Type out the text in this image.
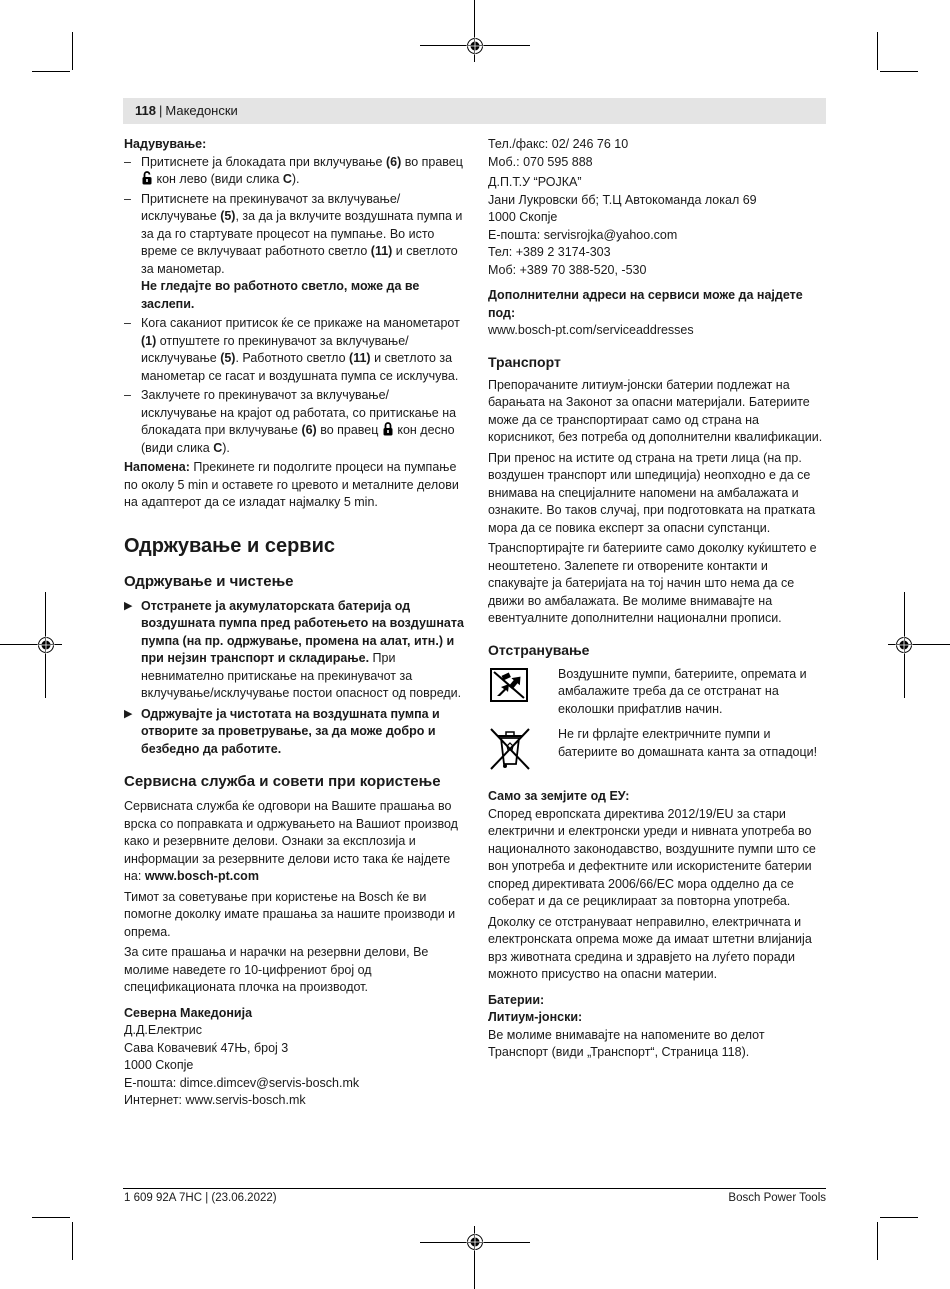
118 | Македонски

Надувување:

– Притиснете ја блокадата при вклучување (6) во правец  кон лево (види слика C).
– Притиснете на прекинувачот за вклучување/исклучување (5), за да ја вклучите воздушната пумпа и за да го стартувате процесот на пумпање. Во исто време се вклучуваат работното светло (11) и светлото за манометар.
Не гледајте во работното светло, може да ве заслепи.
– Кога саканиот притисок ќе се прикаже на манометарот (1) отпуштете го прекинувачот за вклучување/исклучување (5). Работното светло (11) и светлото за манометар се гасат и воздушната пумпа се исклучува.
– Заклучете го прекинувачот за вклучување/исклучување на крајот од работата, со притискање на блокадата при вклучување (6) во правец  кон десно (види слика C).

Напомена: Прекинете ги подолгите процеси на пумпање по околу 5 min и оставете го цревото и металните делови на адаптерот да се изладат најмалку 5 min.

Одржување и сервис
Одржување и чистење
▶ Отстранете ја акумулаторската батерија од воздушната пумпа пред работењето на воздушната пумпа (на пр. одржување, промена на алат, итн.) и при нејзин транспорт и складирање. При невнимателно притискање на прекинувачот за вклучување/исклучување постои опасност од повреди.
▶ Одржувајте ја чистотата на воздушната пумпа и отворите за проветрување, за да може добро и безбедно да работите.
Сервисна служба и совети при користење

Сервисната служба ќе одговори на Вашите прашања во врска со поправката и одржувањето на Вашиот производ како и резервните делови. Ознаки за експлозија и информации за резервните делови исто така ќе најдете на: www.bosch-pt.com

Тимот за советување при користење на Bosch ќе ви помогне доколку имате прашања за нашите производи и опрема.

За сите прашања и нарачки на резервни делови, Ве молиме наведете го 10-цифрениот број од спецификационата плочка на производот.

Северна Македонија

Д.Д.Електрис
Сава Ковачевиќ 47Њ, број 3
1000 Скопје
E-пошта: dimce.dimcev@servis-bosch.mk
Интернет: www.servis-bosch.mk
Тел./факс: 02/ 246 76 10
Моб.: 070 595 888
Д.П.Т.У “РОЈКА”
Јани Лукровски бб; Т.Ц Автокоманда локал 69
1000 Скопје
E-пошта: servisrojka@yahoo.com
Тел: +389 2 3174-303
Моб: +389 70 388-520, -530

Дополнителни адреси на сервиси може да најдете под:

www.bosch-pt.com/serviceaddresses

Транспорт

Препорачаните литиум-јонски батерии подлежат на барањата на Законот за опасни материјали. Батериите може да се транспортираат само од страна на корисникот, без потреба од дополнителни квалификации.

При пренос на истите од страна на трети лица (на пр. воздушен транспорт или шпедиција) неопходно е да се внимава на специјалните напомени на амбалажата и ознаките. Во таков случај, при подготовката на пратката мора да се повика експерт за опасни супстанци.

Транспортирајте ги батериите само доколку куќиштето е неоштетено. Залепете ги отворените контакти и спакувајте ја батеријата на тој начин што нема да се движи во амбалажата. Ве молиме внимавајте на евентуалните дополнителни национални прописи.

Отстранување
Воздушните пумпи, батериите, опремата и амбалажите треба да се отстранат на еколошки прифатлив начин.
Не ги фрлајте електричните пумпи и батериите во домашната канта за отпадоци!

Само за земјите од ЕУ:

Според европската директива 2012/19/EU за стари електрични и електронски уреди и нивната употреба во националното законодавство, воздушните пумпи што се вон употреба и дефектните или искористените батерии според директивата 2006/66/ЕС мора одделно да се соберат и да се рециклираат за повторна употреба.

Доколку се отстрануваат неправилно, електричната и електронската опрема може да имаат штетни влијанија врз животната средина и здравјето на луѓето поради можното присуство на опасни материи.

Батерии:

Литиум-јонски:

Ве молиме внимавајте на напомените во делот Транспорт (види „Транспорт“, Страница 118).

1 609 92A 7HC | (23.06.2022)	Bosch Power Tools
